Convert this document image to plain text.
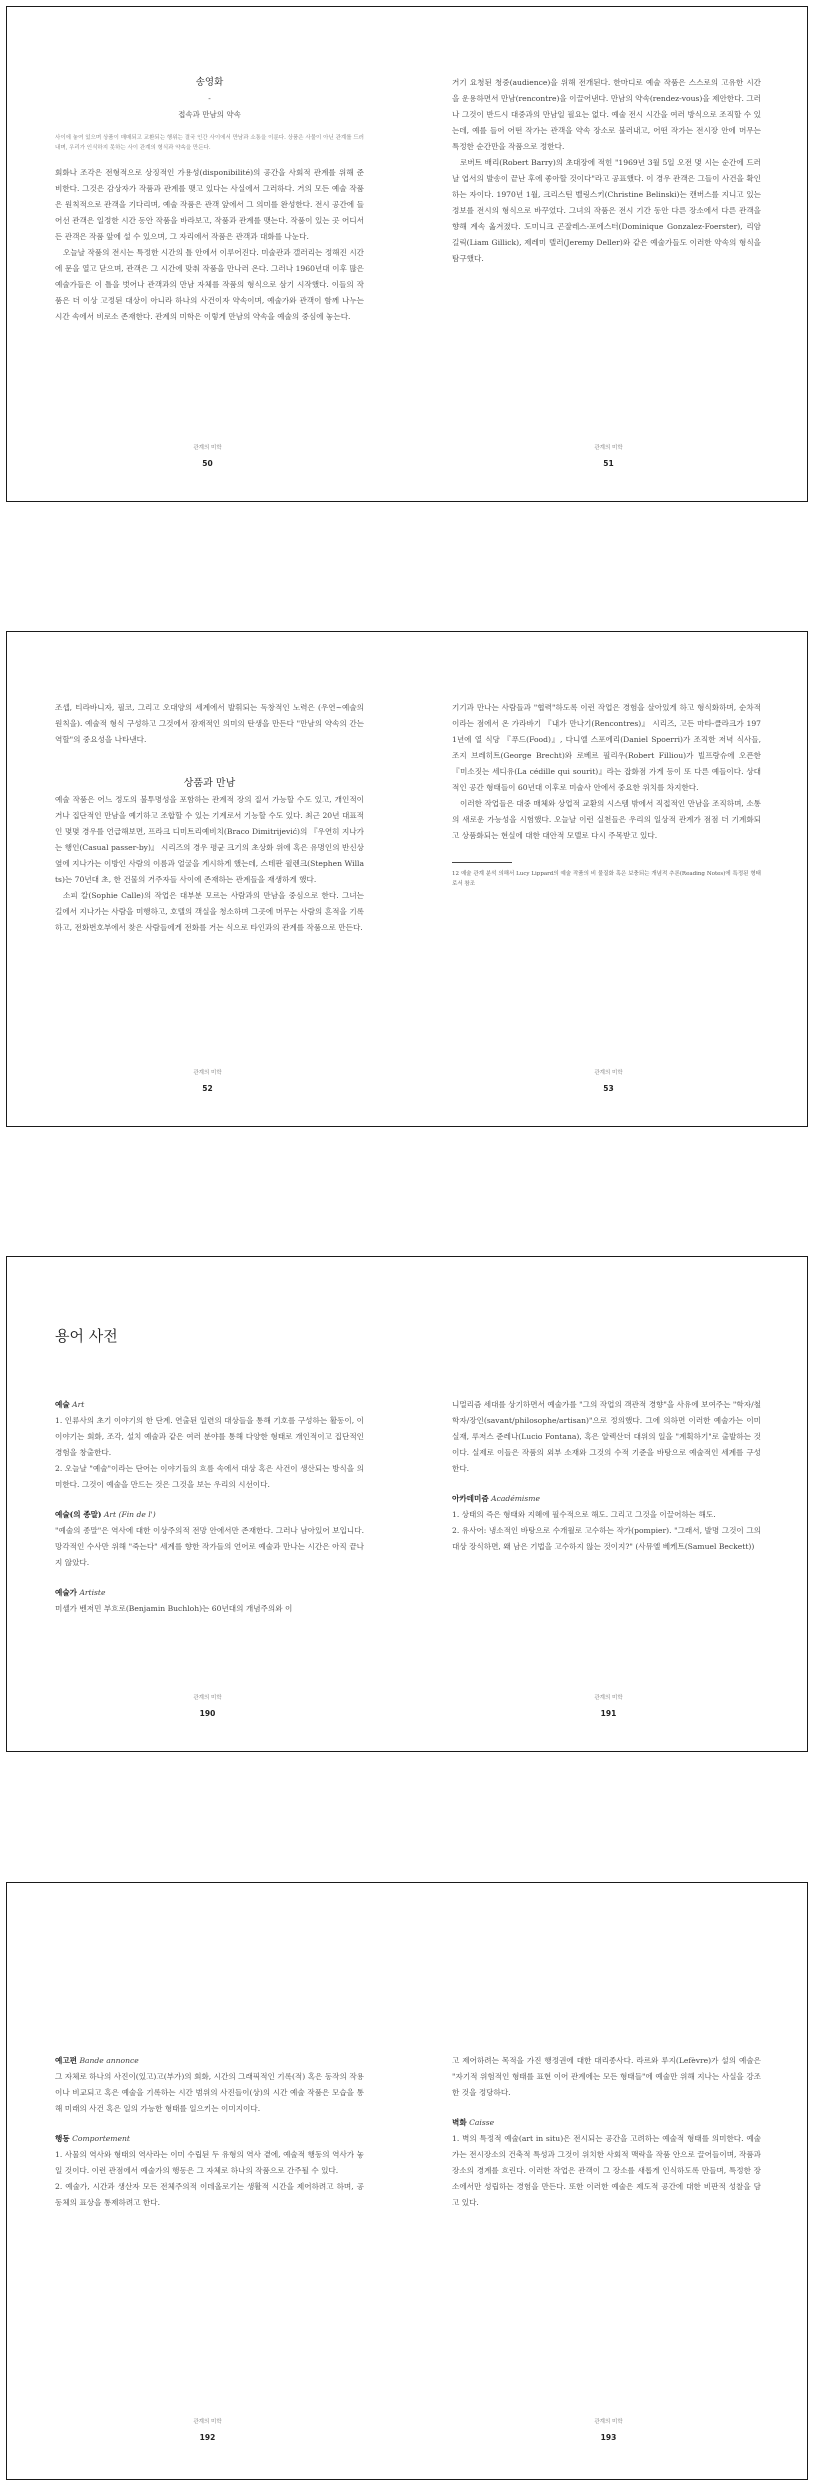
송영화

-

접속과 만남의 약속

사이에 놓여 있으며 상품이 매매되고 교환되는 행위는 결국 인간 사이에서 만남과 소통을 이룬다. 상품은 사물이 아닌 관계를 드러내며, 우리가 인식하지 못하는 사이 관계의 형식과 약속을 만든다.

회화나 조각은 전형적으로 상징적인 가용성(disponibilité)의 공간을 사회적 관계를 위해 준비한다. 그것은 감상자가 작품과 관계를 맺고 있다는 사실에서 그러하다. 거의 모든 예술 작품은 원칙적으로 관객을 기다리며, 예술 작품은 관객 앞에서 그 의미를 완성한다. 전시 공간에 들어선 관객은 일정한 시간 동안 작품을 바라보고, 작품과 관계를 맺는다. 작품이 있는 곳 어디서든 관객은 작품 앞에 설 수 있으며, 그 자리에서 작품은 관객과 대화를 나눈다.

오늘날 작품의 전시는 특정한 시간의 틀 안에서 이루어진다. 미술관과 갤러리는 정해진 시간에 문을 열고 닫으며, 관객은 그 시간에 맞춰 작품을 만나러 온다. 그러나 1960년대 이후 많은 예술가들은 이 틀을 벗어나 관객과의 만남 자체를 작품의 형식으로 삼기 시작했다. 이들의 작품은 더 이상 고정된 대상이 아니라 하나의 사건이자 약속이며, 예술가와 관객이 함께 나누는 시간 속에서 비로소 존재한다. 관계의 미학은 이렇게 만남의 약속을 예술의 중심에 놓는다.

관계의 미학
50

거기 요청된 청중(audience)을 위해 전개된다. 한마디로 예술 작품은 스스로의 고유한 시간을 운용하면서 만남(rencontre)을 이끌어낸다. 만남의 약속(rendez-vous)을 제안한다. 그러나 그것이 반드시 대중과의 만남일 필요는 없다. 예술 전시 시간을 여러 방식으로 조직할 수 있는데, 예를 들어 어떤 작가는 관객을 약속 장소로 불러내고, 어떤 작가는 전시장 안에 머무는 특정한 순간만을 작품으로 정한다.

로버트 배리(Robert Barry)의 초대장에 적힌 "1969년 3월 5일 오전 몇 시는 순간에 드러날 엽서의 발송이 끝난 후에 좋아할 것이다"라고 공표했다. 이 경우 관객은 그들이 사건을 확인하는 자이다. 1970년 1월, 크리스틴 벨링스키(Christine Belinski)는 캔버스를 지니고 있는 정보를 전시의 형식으로 바꾸었다. 그녀의 작품은 전시 기간 동안 다른 장소에서 다른 관객을 향해 계속 옮겨졌다. 도미니크 곤잘레스-포에스터(Dominique Gonzalez-Foerster), 리암 길릭(Liam Gillick), 제레미 델러(Jeremy Deller)와 같은 예술가들도 이러한 약속의 형식을 탐구했다.

관계의 미학
51

조셉, 티라바니자, 필코, 그리고 오대양의 세계에서 발휘되는 독창적인 노력은 (우연~예술의 원칙을). 예술적 형식 구성하고 그것에서 잠재적인 의미의 탄생을 만든다 "만남의 약속의 간는 역할"의 중요성을 나타낸다.

상품과 만남

예술 작품은 어느 정도의 불투명성을 포함하는 관계적 장의 질서 가능할 수도 있고, 개인적이거나 집단적인 만남을 예기하고 조합할 수 있는 기계로서 기능할 수도 있다. 최근 20년 대표적인 몇몇 경우를 언급해보면, 프라크 디미트리예비치(Braco Dimitrijević)의 『우연히 지나가는 행인(Casual passer-by)』 시리즈의 경우 평균 크기의 초상화 위에 혹은 유명인의 반신상 옆에 지나가는 이방인 사람의 이름과 얼굴을 게시하게 했는데, 스테판 윌렌크(Stephen Willats)는 70년대 초, 한 건물의 거주자들 사이에 존재하는 관계들을 재생하게 했다.

소피 칼(Sophie Calle)의 작업은 대부분 모르는 사람과의 만남을 중심으로 한다. 그녀는 길에서 지나가는 사람을 미행하고, 호텔의 객실을 청소하며 그곳에 머무는 사람의 흔적을 기록하고, 전화번호부에서 찾은 사람들에게 전화를 거는 식으로 타인과의 관계를 작품으로 만든다.

관계의 미학
52

기기과 만나는 사람들과 "협력"하도록 이런 작업은 경험을 살아있게 하고 형식화하며, 순차적이라는 점에서 온 가라바기 『내가 만나기(Rencontres)』 시리즈, 고든 마타-클라크가 1971년에 열 식당 『푸드(Food)』, 다니엘 스포에리(Daniel Spoerri)가 조직한 저녁 식사들, 조지 브레히트(George Brecht)와 로베르 필리우(Robert Filliou)가 빌프랑슈에 오픈한 『미소짓는 세디유(La cédille qui sourit)』라는 잡화점 가게 등이 또 다른 예들이다. 상대적인 공간 형태들이 60년대 이후로 미술사 안에서 중요한 위치를 차지한다.

이러한 작업들은 대중 매체와 상업적 교환의 시스템 밖에서 직접적인 만남을 조직하며, 소통의 새로운 가능성을 시험했다. 오늘날 이런 실천들은 우리의 일상적 관계가 점점 더 기계화되고 상품화되는 현실에 대한 대안적 모델로 다시 주목받고 있다.

12 예술 관계 분석 의해서 Lucy Lippard의 예술 작품의 비 물질화 혹은 보충되는 개념적 추론(Reading Notes)에 특정된 형태로서 참조

관계의 미학
53
용어 사전

예술 Art

1. 인류사의 초기 이야기의 한 단계. 연출된 일련의 대상들을 통해 기호를 구성하는 활동이, 이 이야기는 회화, 조각, 설치 예술과 같은 여러 분야를 통해 다양한 형태로 개인적이고 집단적인 경험을 창출한다.

2. 오늘날 "예술"이라는 단어는 이야기들의 흐름 속에서 대상 혹은 사건이 생산되는 방식을 의미한다. 그것이 예술을 만드는 것은 그것을 보는 우리의 시선이다.

예술(의 종말) Art (Fin de l')

"예술의 종말"은 역사에 대한 이상주의적 전망 안에서만 존재한다. 그러나 남아있어 보입니다. 망각적인 수사만 위해 "죽는다" 세계를 향한 작가들의 언어로 예술과 만나는 시간은 아직 끝나지 않았다.

예술가 Artiste

미셸가 벤저민 부흐로(Benjamin Buchloh)는 60년대의 개념주의와 이

관계의 미학
190

니멀리즘 세대를 상기하면서 예술가를 "그의 작업의 객관적 경향"을 사유에 보여주는 "학자/철학자/장인(savant/philosophe/artisan)"으로 정의했다. 그에 의하면 이러한 예술가는 이미 실재, 루저스 준레나(Lucio Fontana), 혹은 알렉산더 대위의 일을 "계획하기"로 출발하는 것이다. 실제로 이들은 작품의 외부 소재와 그것의 수적 기준을 바탕으로 예술적인 세계를 구성한다.

아카데미즘 Académisme

1. 상태의 즉은 형태와 지혜에 필수적으로 해도. 그리고 그것을 이끌어하는 해도.

2. 유사어: 냉소적인 바탕으로 수개월로 고수하는 작가(pompier). "그래서, 발명 그것이 그의 대상 장식하면, 왜 남은 기법을 고수하지 않는 것이지?" (사뮤엘 베케트(Samuel Beckett))

관계의 미학
191

예고편 Bande annonce

그 자체로 하나의 사진이(있고)고(부가)의 회화, 시간의 그래픽적인 기록(적) 혹은 동작의 작용이나 비교되고 혹은 예술을 기록하는 시간 범위의 사진들이(상)의 시간 예술 작품은 모습을 통해 미래의 사건 혹은 일의 가능한 형태를 일으키는 이미지이다.

행동 Comportement

1. 사물의 역사와 형태의 역사라는 이미 수립된 두 유형의 역사 곁에, 예술적 행동의 역사가 놓일 것이다. 이런 관점에서 예술가의 행동은 그 자체로 하나의 작품으로 간주될 수 있다.

2. 예술가, 시간과 생산자 모든 전체주의적 이데올로기는 생활적 시간을 제어하려고 하며, 공동체의 표상을 통제하려고 한다.

관계의 미학
192

고 제어하려는 목적을 가진 행정권에 대한 대리종사다. 라르와 루지(Lefèvre)가 설의 예술은 "자기적 위험적인 형태를 표현 이어 관계에는 모든 형태들"에 예술만 위해 지나는 사실을 강조한 것을 정당하다.

벽화 Caisse

1. 벽의 특정적 예술(art in situ)은 전시되는 공간을 고려하는 예술적 형태를 의미한다. 예술가는 전시장소의 건축적 특성과 그것이 위치한 사회적 맥락을 작품 안으로 끌어들이며, 작품과 장소의 경계를 흐린다. 이러한 작업은 관객이 그 장소를 새롭게 인식하도록 만들며, 특정한 장소에서만 성립하는 경험을 만든다. 또한 이러한 예술은 제도적 공간에 대한 비판적 성찰을 담고 있다.

관계의 미학
193
